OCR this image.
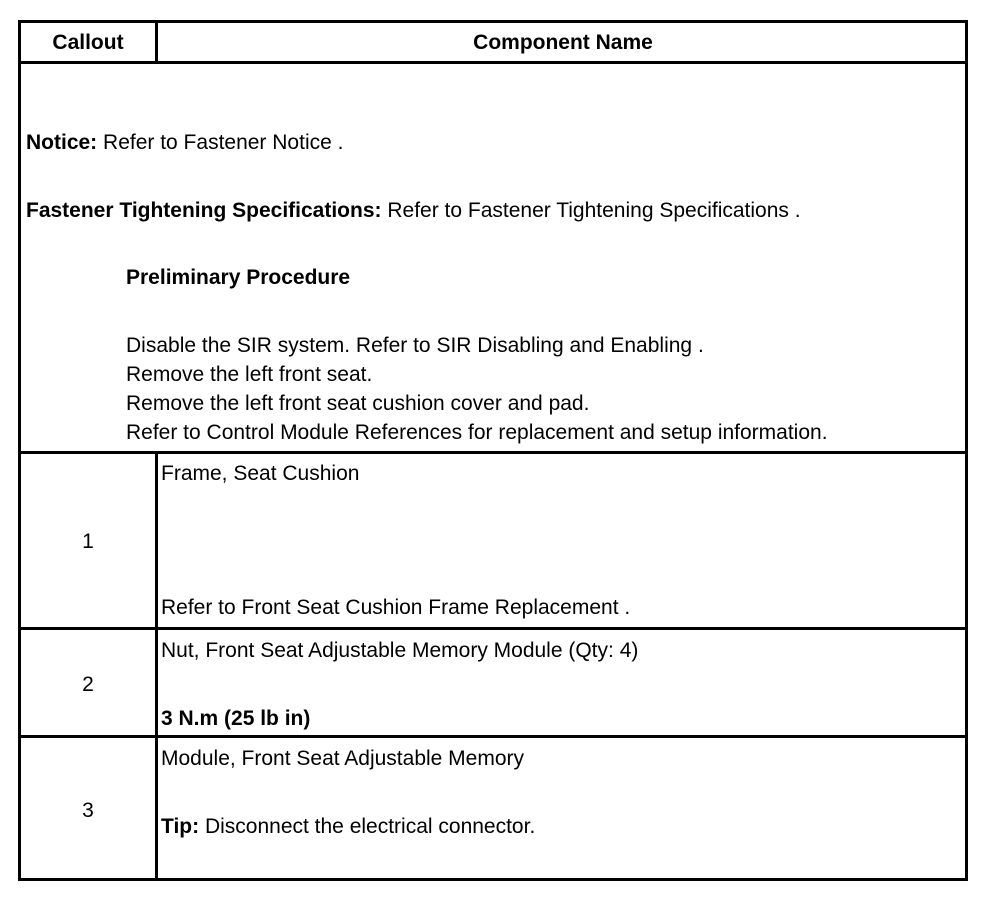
Callout	Component Name
Notice: Refer to Fastener Notice .
Fastener Tightening Specifications: Refer to Fastener Tightening Specifications .
Preliminary Procedure
Disable the SIR system. Refer to SIR Disabling and Enabling .
Remove the left front seat.
Remove the left front seat cushion cover and pad.
Refer to Control Module References for replacement and setup information.
1
Frame, Seat Cushion
Refer to Front Seat Cushion Frame Replacement .
2
Nut, Front Seat Adjustable Memory Module (Qty: 4)
3 N.m (25 lb in)
3
Module, Front Seat Adjustable Memory
Tip: Disconnect the electrical connector.
